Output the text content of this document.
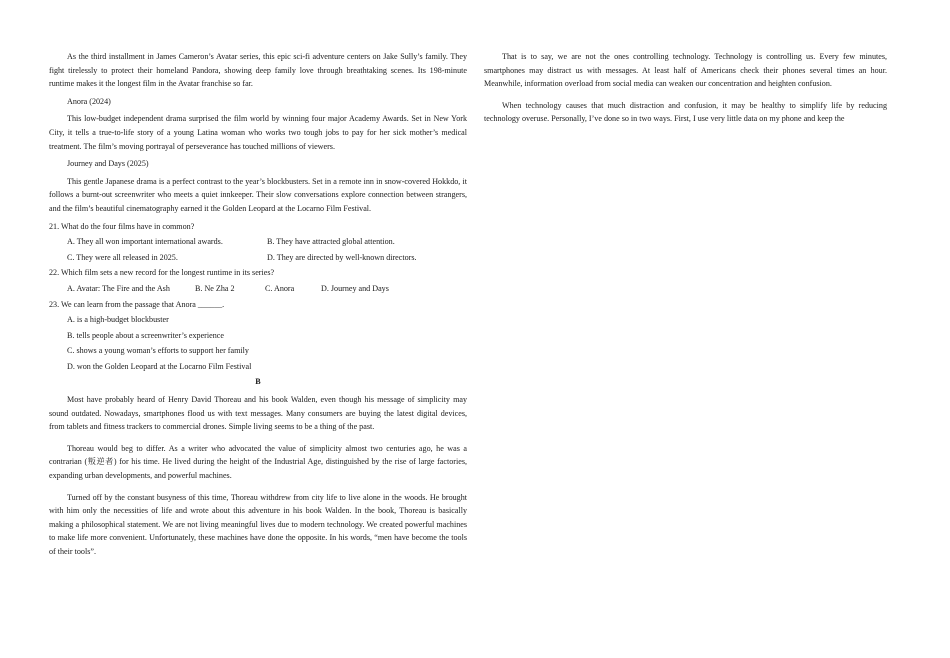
As the third installment in James Cameron’s Avatar series, this epic sci-fi adventure centers on Jake Sully’s family. They fight tirelessly to protect their homeland Pandora, showing deep family love through breathtaking scenes. Its 198-minute runtime makes it the longest film in the Avatar franchise so far.

Anora (2024)

This low-budget independent drama surprised the film world by winning four major Academy Awards. Set in New York City, it tells a true-to-life story of a young Latina woman who works two tough jobs to pay for her sick mother’s medical treatment. The film’s moving portrayal of perseverance has touched millions of viewers.

Journey and Days (2025)

This gentle Japanese drama is a perfect contrast to the year’s blockbusters. Set in a remote inn in snow-covered Hokkdo, it follows a burnt-out screenwriter who meets a quiet innkeeper. Their slow conversations explore connection between strangers, and the film’s beautiful cinematography earned it the Golden Leopard at the Locarno Film Festival.

21. What do the four films have in common?
A. They all won important international awards.	B. They have attracted global attention.
C. They were all released in 2025.	D. They are directed by well-known directors.
22. Which film sets a new record for the longest runtime in its series?
A. Avatar: The Fire and the Ash	B. Ne Zha 2	C. Anora	D. Journey and Days
23. We can learn from the passage that Anora ______.
A. is a high-budget blockbuster
B. tells people about a screenwriter’s experience
C. shows a young woman’s efforts to support her family
D. won the Golden Leopard at the Locarno Film Festival
B

Most have probably heard of Henry David Thoreau and his book Walden, even though his message of simplicity may sound outdated. Nowadays, smartphones flood us with text messages. Many consumers are buying the latest digital devices, from tablets and fitness trackers to commercial drones. Simple living seems to be a thing of the past.

Thoreau would beg to differ. As a writer who advocated the value of simplicity almost two centuries ago, he was a contrarian (叛逆者) for his time. He lived during the height of the Industrial Age, distinguished by the rise of large factories, expanding urban developments, and powerful machines.

Turned off by the constant busyness of this time, Thoreau withdrew from city life to live alone in the woods. He brought with him only the necessities of life and wrote about this adventure in his book Walden. In the book, Thoreau is basically making a philosophical statement. We are not living meaningful lives due to modern technology. We created powerful machines to make life more convenient. Unfortunately, these machines have done the opposite. In his words, “men have become the tools of their tools”.

That is to say, we are not the ones controlling technology. Technology is controlling us. Every few minutes, smartphones may distract us with messages. At least half of Americans check their phones several times an hour. Meanwhile, information overload from social media can weaken our concentration and heighten confusion.

When technology causes that much distraction and confusion, it may be healthy to simplify life by reducing technology overuse. Personally, I’ve done so in two ways. First, I use very little data on my phone and keep the
